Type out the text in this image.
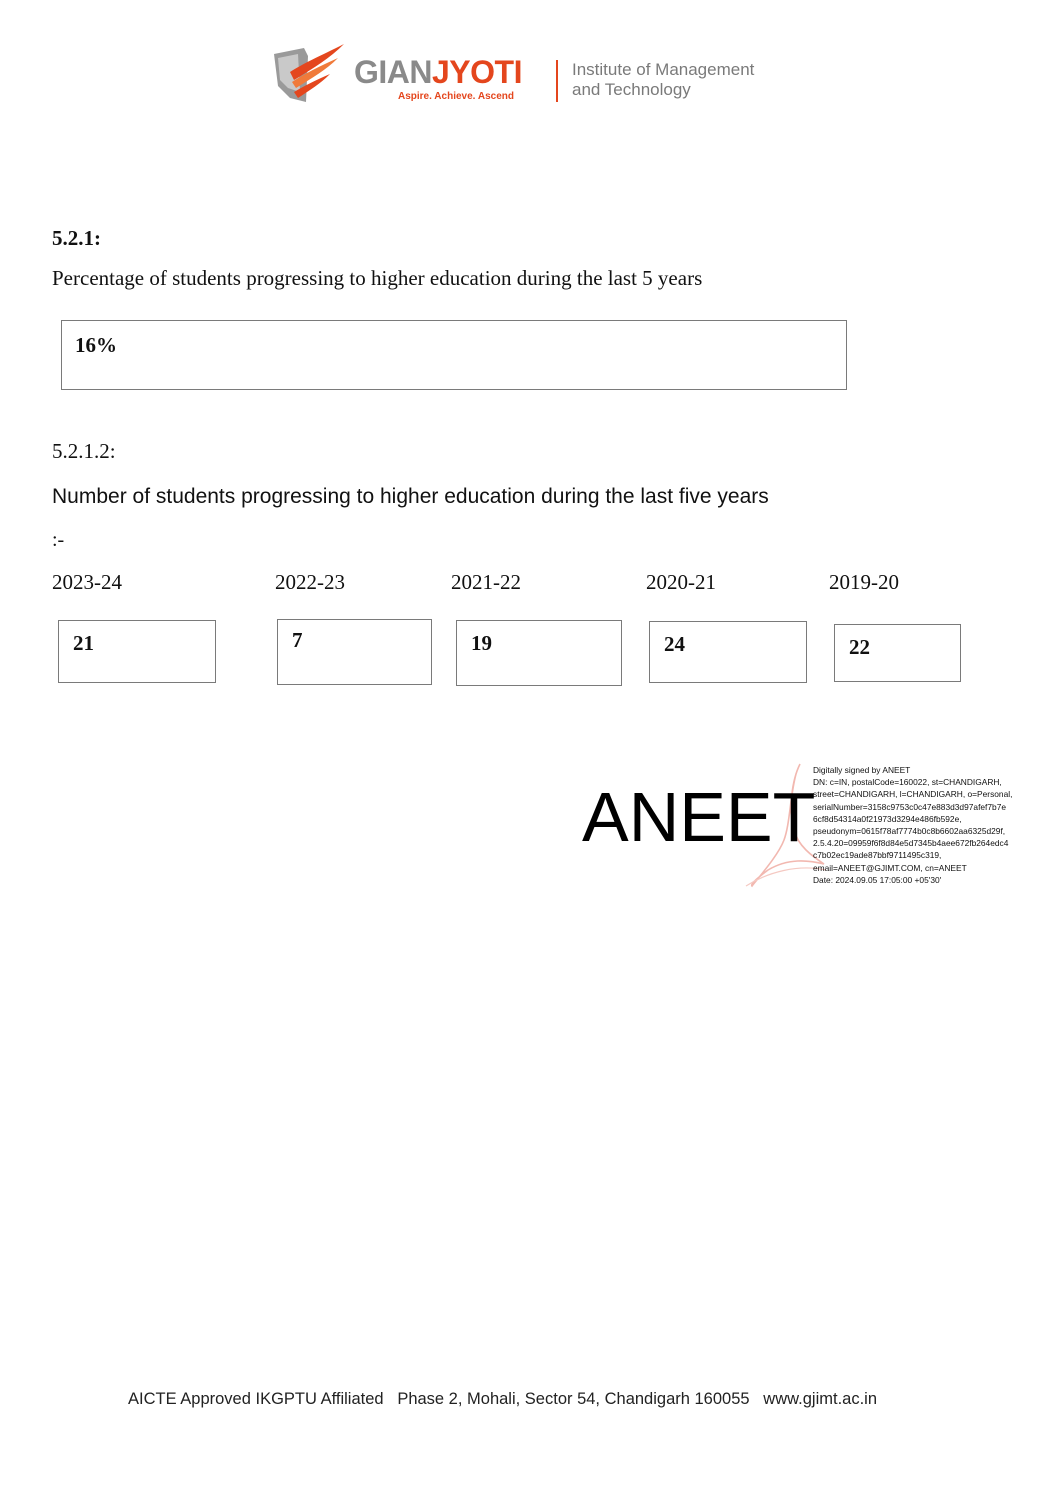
GIANJYOTI
Aspire. Achieve. Ascend
Institute of Management
and Technology
5.2.1:
Percentage of students progressing to higher education during the last 5 years
16%
5.2.1.2:
Number of students progressing to higher education during the last five years
:-
2023-24	2022-23	2021-22	2020-21	2019-20
21	7	19	24	22
ANEET
Digitally signed by ANEET
DN: c=IN, postalCode=160022, st=CHANDIGARH,
street=CHANDIGARH, l=CHANDIGARH, o=Personal,
serialNumber=3158c9753c0c47e883d3d97afef7b7e
6cf8d54314a0f21973d3294e486fb592e,
pseudonym=0615f78af7774b0c8b6602aa6325d29f,
2.5.4.20=09959f6f8d84e5d7345b4aee672fb264edc4
c7b02ec19ade87bbf9711495c319,
email=ANEET@GJIMT.COM, cn=ANEET
Date: 2024.09.05 17:05:00 +05'30'
AICTE Approved IKGPTU Affiliated   Phase 2, Mohali, Sector 54, Chandigarh 160055   www.gjimt.ac.in
